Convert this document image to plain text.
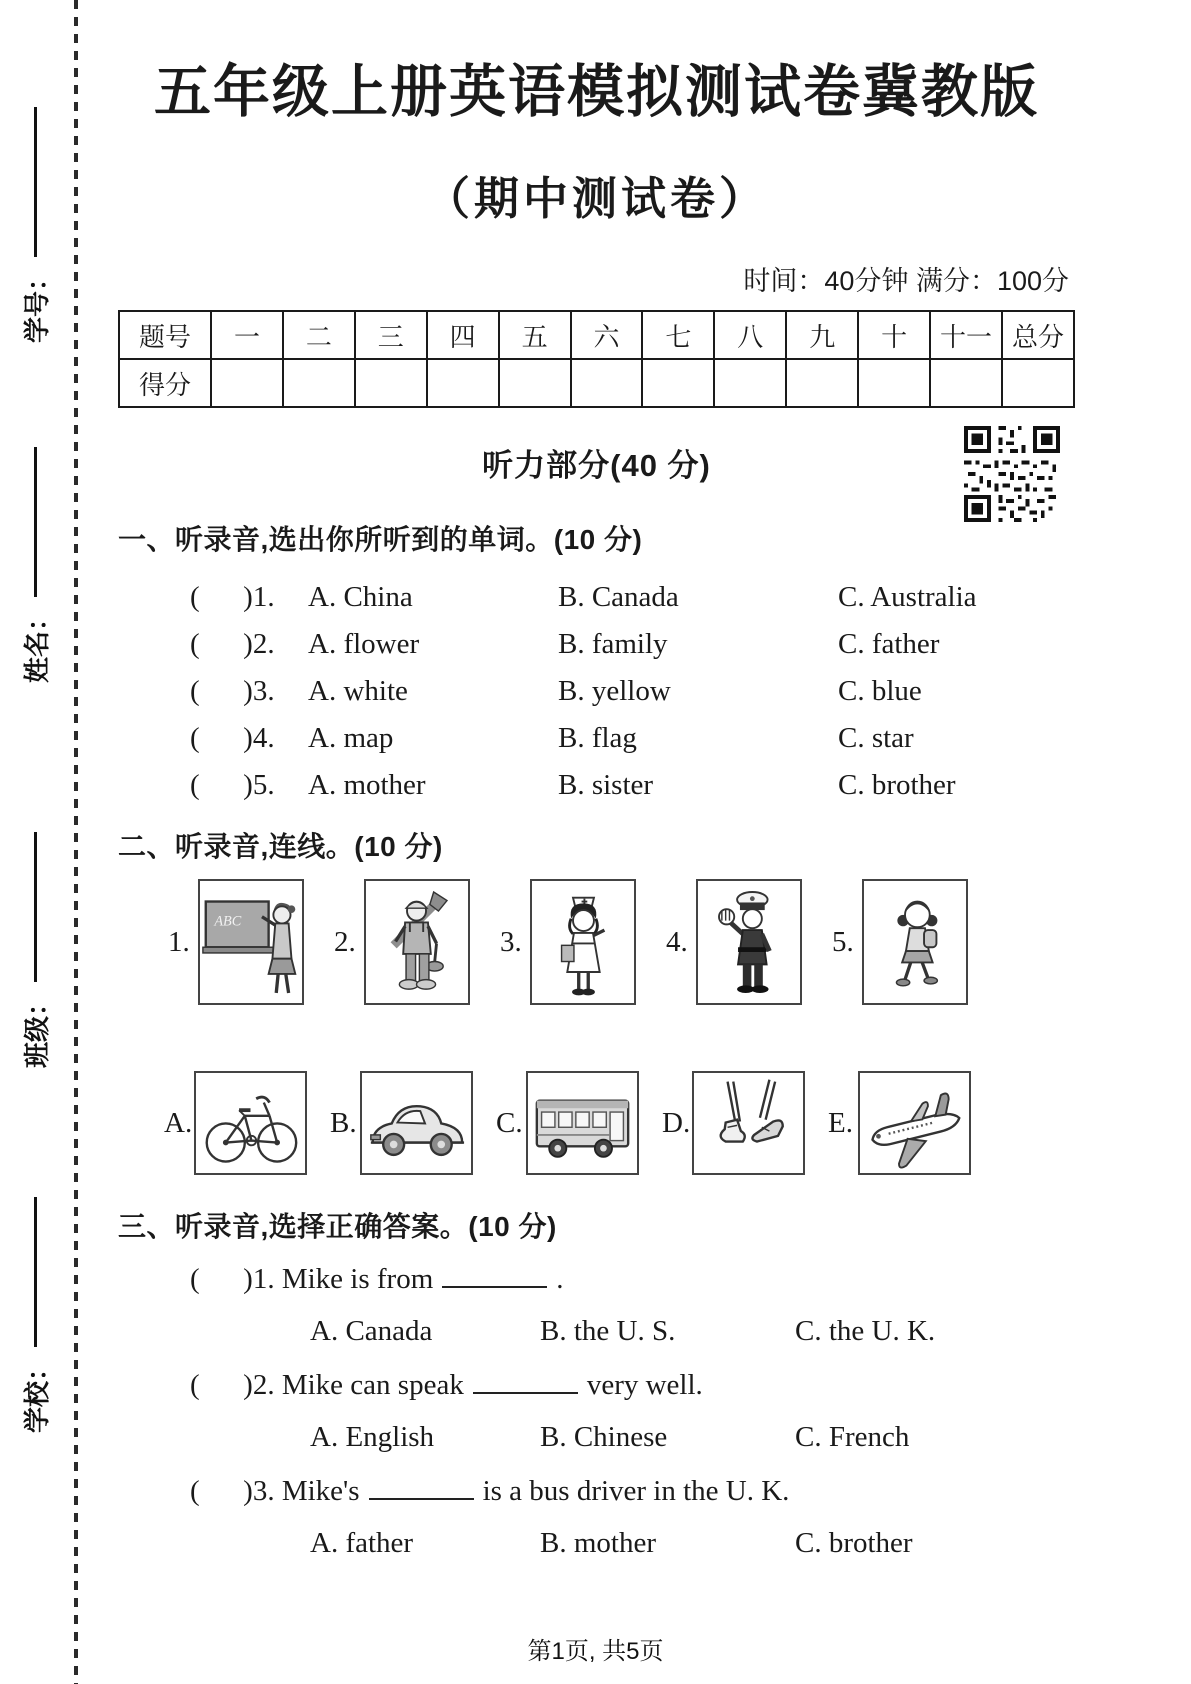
学号：
姓名：
班级：
学校：
五年级上册英语模拟测试卷冀教版
（期中测试卷）
时间：40分钟 满分：100分
题号	一	二	三	四	五	六	七	八	九	十	十一	总分
得分												
听力部分(40 分)
一、听录音,选出你所听到的单词。(10 分)
(      )1.	A. China	B. Canada	C. Australia
(      )2.	A. flower	B. family	C. father
(      )3.	A. white	B. yellow	C. blue
(      )4.	A. map	B. flag	C. star
(      )5.	A. mother	B. sister	C. brother
二、听录音,连线。(10 分)
1.
ABC
2.	3.	4.	5.
A.	B.	C.	D.	E.
三、听录音,选择正确答案。(10 分)
(      )1. Mike is from	.
A. Canada	B. the U. S.	C. the U. K.
(      )2. Mike can speak	very well.
A. English	B. Chinese	C. French
(      )3. Mike's	is a bus driver in the U. K.
A. father	B. mother	C. brother
第1页, 共5页
